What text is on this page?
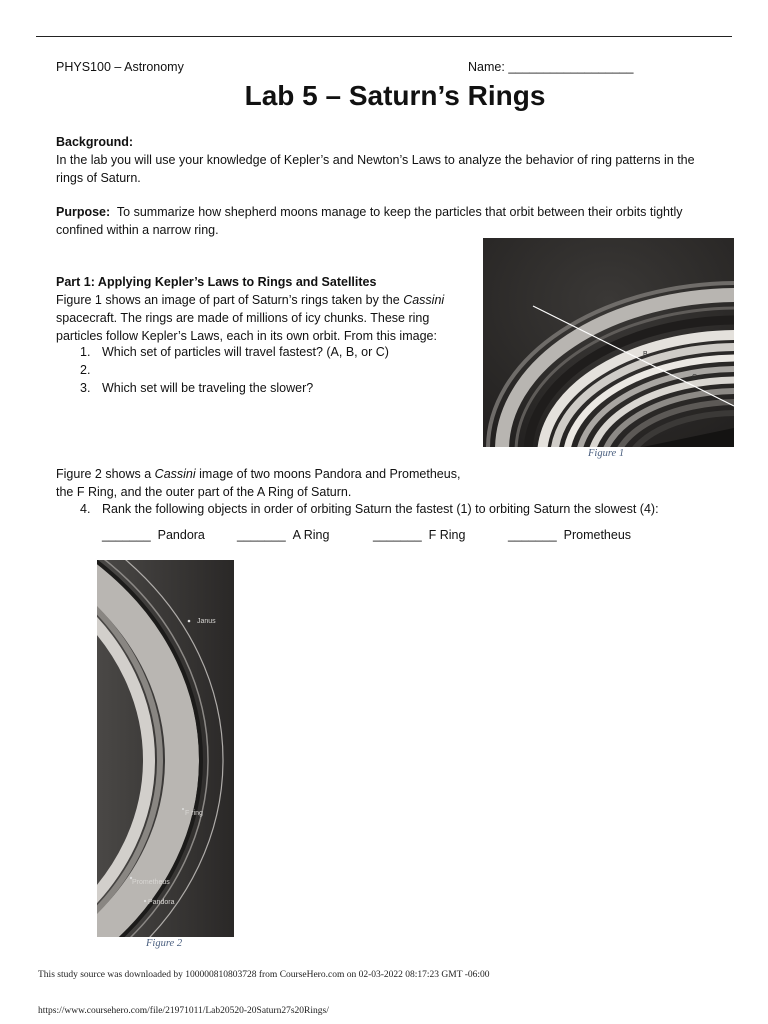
PHYS100 – Astronomy	Name: __________________
Lab 5 – Saturn’s Rings
Background:
In the lab you will use your knowledge of Kepler’s and Newton’s Laws to analyze the behavior of ring patterns in the rings of Saturn.
Purpose: To summarize how shepherd moons manage to keep the particles that orbit between their orbits tightly confined within a narrow ring.
Part 1: Applying Kepler’s Laws to Rings and Satellites
Figure 1 shows an image of part of Saturn’s rings taken by the Cassini spacecraft. The rings are made of millions of icy chunks. These ring particles follow Kepler’s Laws, each in its own orbit. From this image:
1. Which set of particles will travel fastest? (A, B, or C)
2.
3. Which set will be traveling the slower?
A
B
C
Figure 1
Figure 2 shows a Cassini image of two moons Pandora and Prometheus,
the F Ring, and the outer part of the A Ring of Saturn.
4. Rank the following objects in order of orbiting Saturn the fastest (1) to orbiting Saturn the slowest (4):
_______ Pandora	_______ A Ring	_______ F Ring	_______ Prometheus
Janus
F ring
Prometheus
Pandora
Figure 2
This study source was downloaded by 100000810803728 from CourseHero.com on 02-03-2022 08:17:23 GMT -06:00
https://www.coursehero.com/file/21971011/Lab20520-20Saturn27s20Rings/
